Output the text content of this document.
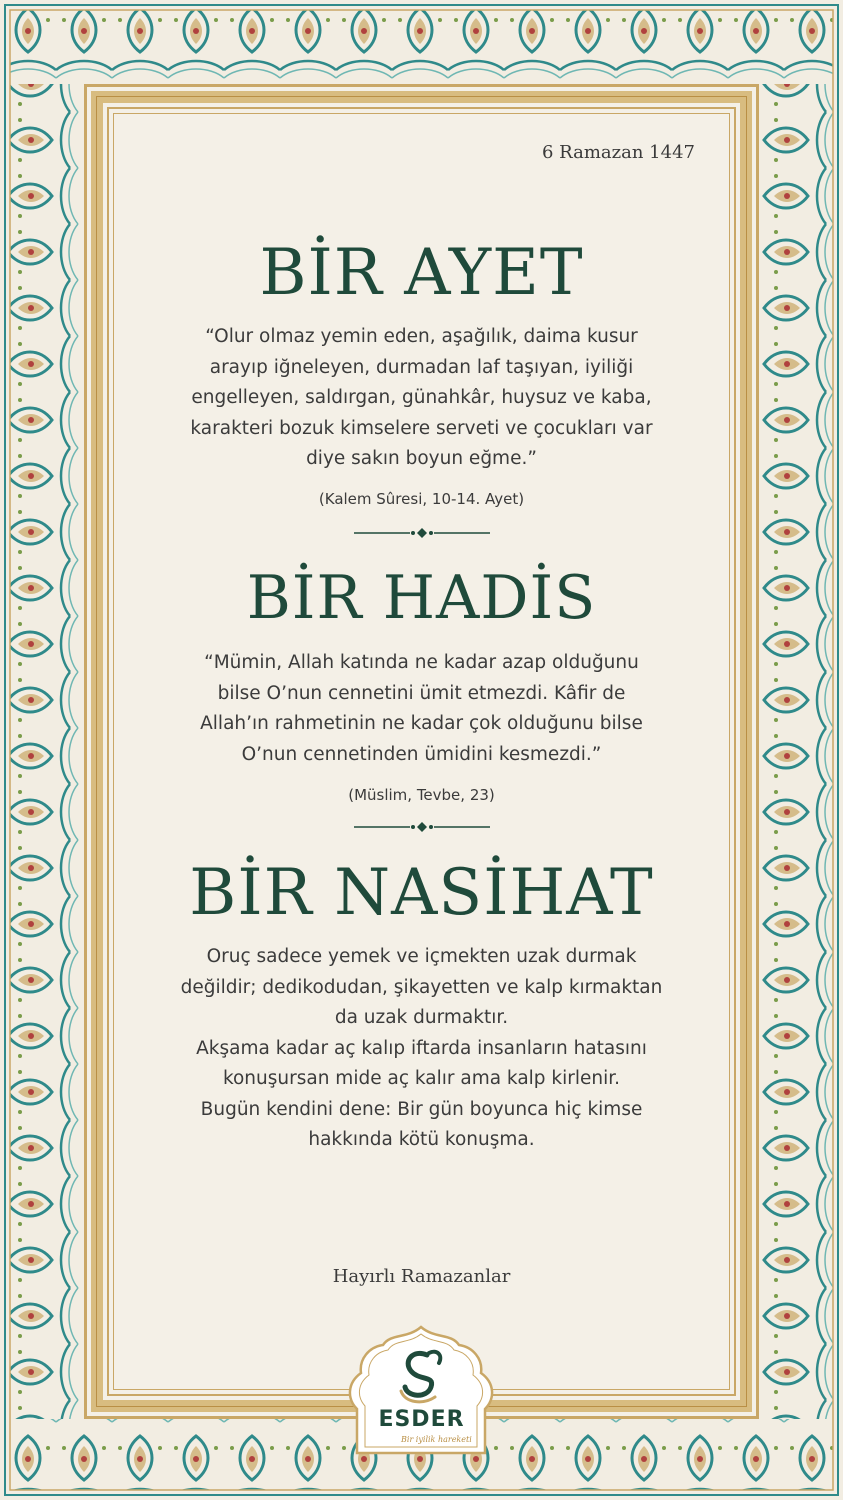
6 Ramazan 1447
BİR AYET
“Olur olmaz yemin eden, aşağılık, daima kusur
arayıp iğneleyen, durmadan laf taşıyan, iyiliği
engelleyen, saldırgan, günahkâr, huysuz ve kaba,
karakteri bozuk kimselere serveti ve çocukları var
diye sakın boyun eğme.”
(Kalem Sûresi, 10-14. Ayet)
BİR HADİS
“Mümin, Allah katında ne kadar azap olduğunu
bilse O’nun cennetini ümit etmezdi. Kâfir de
Allah’ın rahmetinin ne kadar çok olduğunu bilse
O’nun cennetinden ümidini kesmezdi.”
(Müslim, Tevbe, 23)
BİR NASİHAT
Oruç sadece yemek ve içmekten uzak durmak
değildir; dedikodudan, şikayetten ve kalp kırmaktan
da uzak durmaktır.
Akşama kadar aç kalıp iftarda insanların hatasını
konuşursan mide aç kalır ama kalp kirlenir.
Bugün kendini dene: Bir gün boyunca hiç kimse
hakkında kötü konuşma.
Hayırlı Ramazanlar
ESDER
Bir iyilik hareketi
